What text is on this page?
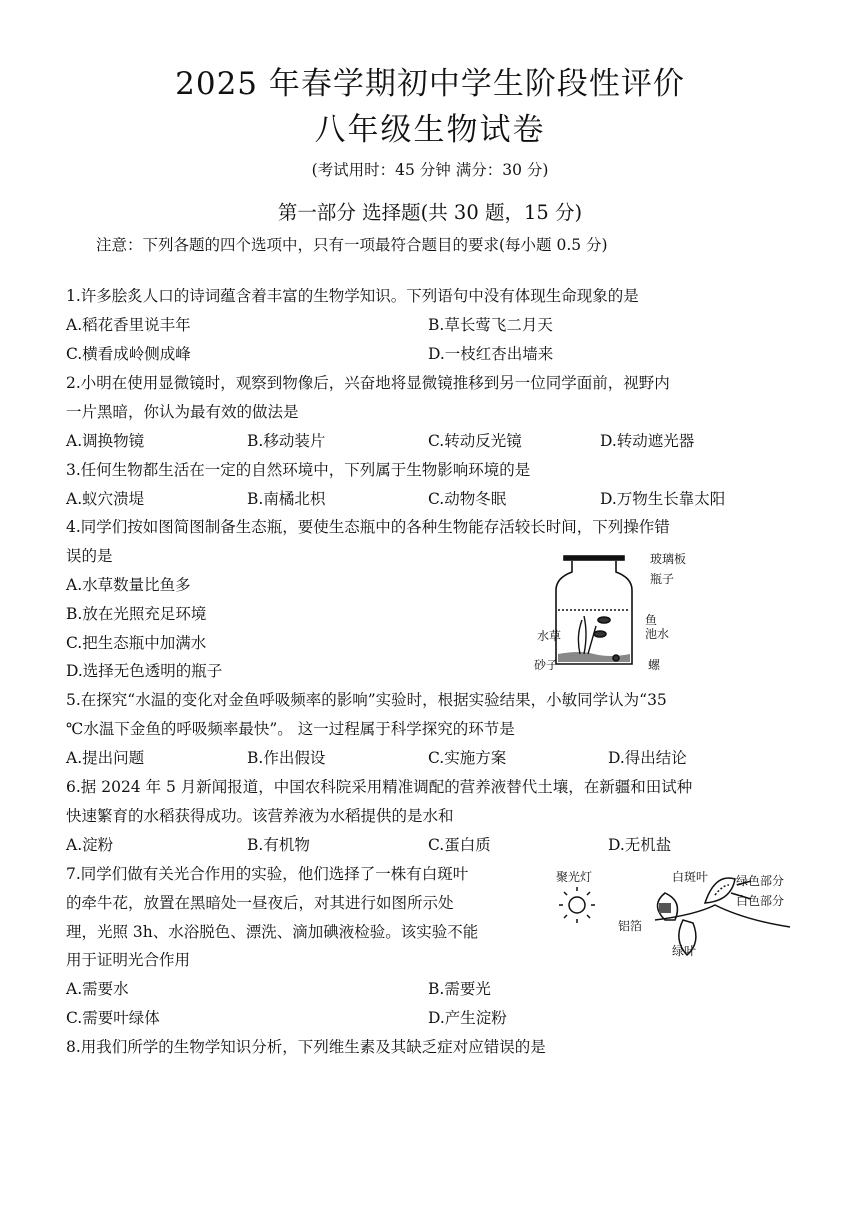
2025 年春学期初中学生阶段性评价
八年级生物试卷
(考试用时：45 分钟 满分：30 分)
第一部分 选择题(共 30 题，15 分)
注意：下列各题的四个选项中，只有一项最符合题目的要求(每小题 0.5 分)
1.许多脍炙人口的诗词蕴含着丰富的生物学知识。下列语句中没有体现生命现象的是
A.稻花香里说丰年	B.草长莺飞二月天
C.横看成岭侧成峰	D.一枝红杏出墙来
2.小明在使用显微镜时，观察到物像后，兴奋地将显微镜推移到另一位同学面前，视野内
一片黑暗，你认为最有效的做法是
A.调换物镜	B.移动装片	C.转动反光镜	D.转动遮光器
3.任何生物都生活在一定的自然环境中，下列属于生物影响环境的是
A.蚁穴溃堤	B.南橘北枳	C.动物冬眠	D.万物生长靠太阳
4.同学们按如图简图制备生态瓶，要使生态瓶中的各种生物能存活较长时间，下列操作错
误的是
A.水草数量比鱼多
B.放在光照充足环境
C.把生态瓶中加满水
D.选择无色透明的瓶子
玻璃板
瓶子
鱼
池水
水草
砂子	螺
5.在探究“水温的变化对金鱼呼吸频率的影响”实验时，根据实验结果，小敏同学认为“35
℃水温下金鱼的呼吸频率最快”。 这一过程属于科学探究的环节是
A.提出问题	B.作出假设	C.实施方案	D.得出结论
6.据 2024 年 5 月新闻报道，中国农科院采用精准调配的营养液替代土壤，在新疆和田试种
快速繁育的水稻获得成功。该营养液为水稻提供的是水和
A.淀粉	B.有机物	C.蛋白质	D.无机盐
7.同学们做有关光合作用的实验，他们选择了一株有白斑叶
的牵牛花，放置在黑暗处一昼夜后，对其进行如图所示处
理，光照 3h、水浴脱色、漂洗、滴加碘液检验。该实验不能
用于证明光合作用
A.需要水	B.需要光
C.需要叶绿体	D.产生淀粉
聚光灯	白斑叶 绿色部分
白色部分
铝箔
绿叶
8.用我们所学的生物学知识分析，下列维生素及其缺乏症对应错误的是
